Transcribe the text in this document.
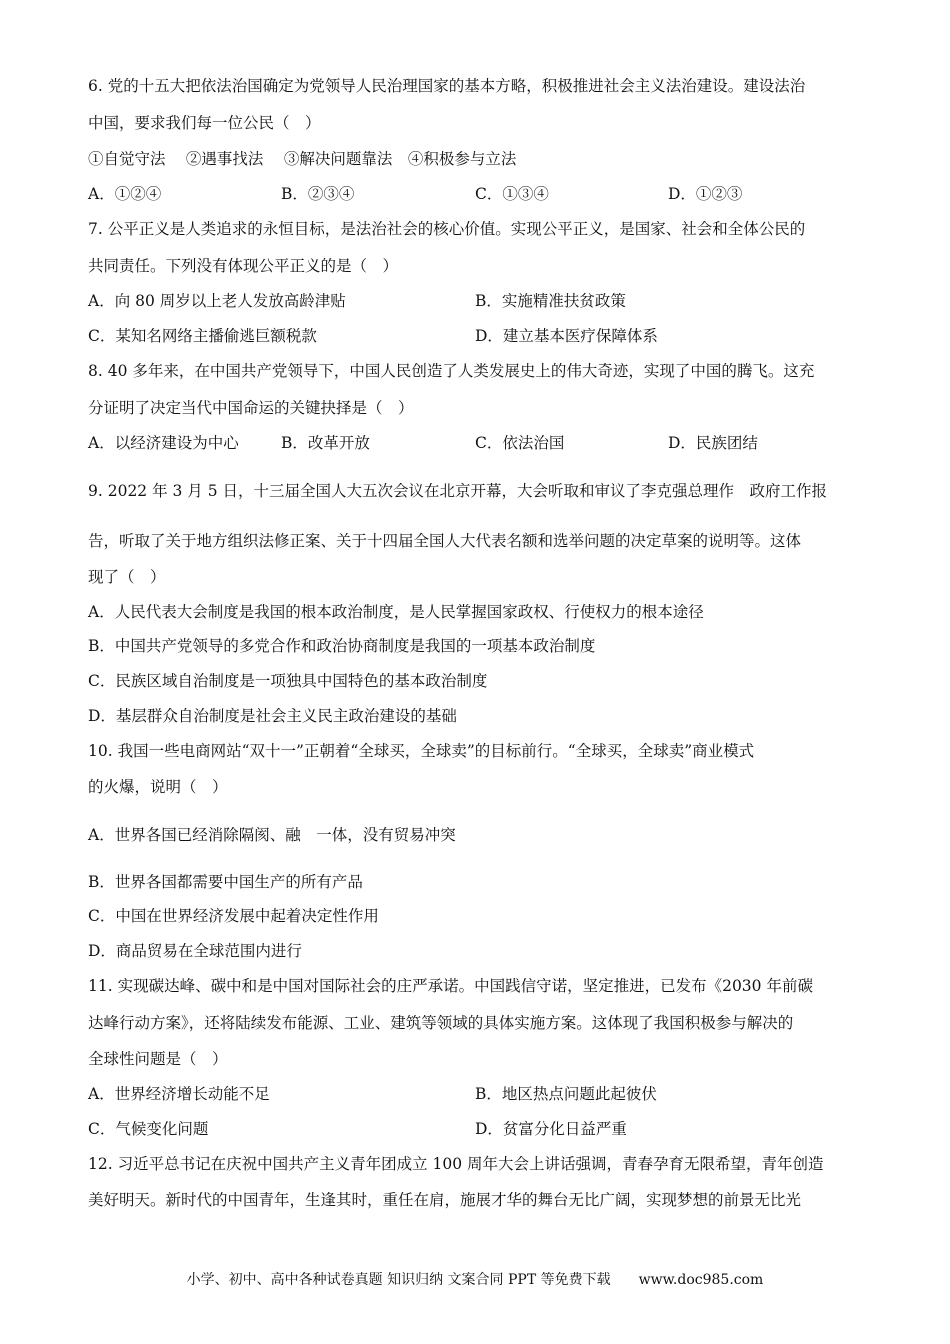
6. 党的十五大把依法治国确定为党领导人民治理国家的基本方略，积极推进社会主义法治建设。建设法治
中国，要求我们每一位公民（　）
①自觉守法　 ②遇事找法　 ③解决问题靠法　④积极参与立法
A．①②④	B．②③④	C．①③④	D．①②③
7. 公平正义是人类追求的永恒目标，是法治社会的核心价值。实现公平正义，是国家、社会和全体公民的
共同责任。下列没有体现公平正义的是（　）
A．向 80 周岁以上老人发放高龄津贴	B．实施精准扶贫政策
C．某知名网络主播偷逃巨额税款	D．建立基本医疗保障体系
8. 40 多年来，在中国共产党领导下，中国人民创造了人类发展史上的伟大奇迹，实现了中国的腾飞。这充
分证明了决定当代中国命运的关键抉择是（　）
A．以经济建设为中心	B．改革开放	C．依法治国	D．民族团结
9. 2022 年 3 月 5 日，十三届全国人大五次会议在北京开幕，大会听取和审议了李克强总理作　政府工作报
告，听取了关于地方组织法修正案、关于十四届全国人大代表名额和选举问题的决定草案的说明等。这体
现了（　）
A．人民代表大会制度是我国的根本政治制度，是人民掌握国家政权、行使权力的根本途径
B．中国共产党领导的多党合作和政治协商制度是我国的一项基本政治制度
C．民族区域自治制度是一项独具中国特色的基本政治制度
D．基层群众自治制度是社会主义民主政治建设的基础
10. 我国一些电商网站“双十一”正朝着“全球买，全球卖”的目标前行。“全球买，全球卖”商业模式
的火爆，说明（　）
A．世界各国已经消除隔阂、融　一体，没有贸易冲突
B．世界各国都需要中国生产的所有产品
C．中国在世界经济发展中起着决定性作用
D．商品贸易在全球范围内进行
11. 实现碳达峰、碳中和是中国对国际社会的庄严承诺。中国践信守诺，坚定推进，已发布《2030 年前碳
达峰行动方案》，还将陆续发布能源、工业、建筑等领域的具体实施方案。这体现了我国积极参与解决的
全球性问题是（　）
A．世界经济增长动能不足	B．地区热点问题此起彼伏
C．气候变化问题	D．贫富分化日益严重
12. 习近平总书记在庆祝中国共产主义青年团成立 100 周年大会上讲话强调，青春孕育无限希望，青年创造
美好明天。新时代的中国青年，生逢其时，重任在肩，施展才华的舞台无比广阔，实现梦想的前景无比光
小学、初中、高中各种试卷真题 知识归纳 文案合同 PPT 等免费下载　　www.doc985.com
